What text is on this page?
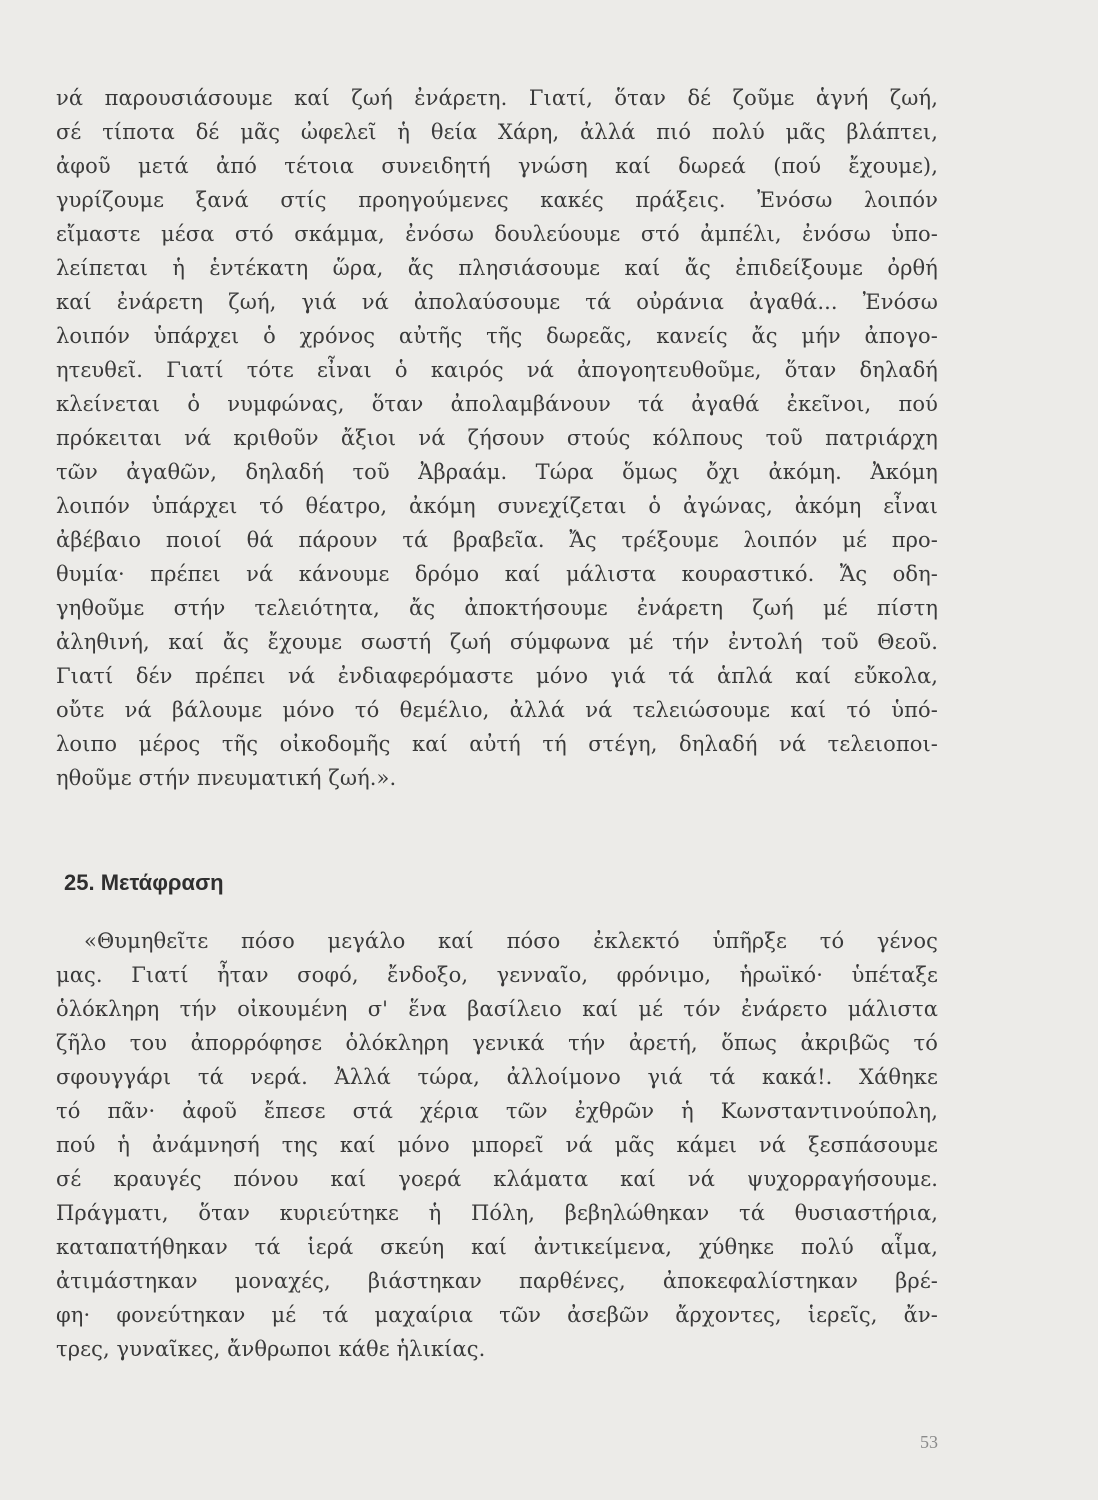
νά παρουσιάσουμε καί ζωή ἐνάρετη. Γιατί, ὅταν δέ ζοῦμε ἁγνή ζωή,
σέ τίποτα δέ μᾶς ὠφελεῖ ἡ θεία Χάρη, ἀλλά πιό πολύ μᾶς βλάπτει,
ἀφοῦ μετά ἀπό τέτοια συνειδητή γνώση καί δωρεά (πού ἔχουμε),
γυρίζουμε ξανά στίς προηγούμενες κακές πράξεις. Ἐνόσω λοιπόν
εἴμαστε μέσα στό σκάμμα, ἐνόσω δουλεύουμε στό ἀμπέλι, ἐνόσω ὑπο-
λείπεται ἡ ἑντέκατη ὥρα, ἄς πλησιάσουμε καί ἄς ἐπιδείξουμε ὀρθή
καί ἐνάρετη ζωή, γιά νά ἀπολαύσουμε τά οὐράνια ἀγαθά... Ἐνόσω
λοιπόν ὑπάρχει ὁ χρόνος αὐτῆς τῆς δωρεᾶς, κανείς ἄς μήν ἀπογο-
ητευθεῖ. Γιατί τότε εἶναι ὁ καιρός νά ἀπογοητευθοῦμε, ὅταν δηλαδή
κλείνεται ὁ νυμφώνας, ὅταν ἀπολαμβάνουν τά ἀγαθά ἐκεῖνοι, πού
πρόκειται νά κριθοῦν ἄξιοι νά ζήσουν στούς κόλπους τοῦ πατριάρχη
τῶν ἀγαθῶν, δηλαδή τοῦ Ἀβραάμ. Τώρα ὅμως ὄχι ἀκόμη. Ἀκόμη
λοιπόν ὑπάρχει τό θέατρο, ἀκόμη συνεχίζεται ὁ ἀγώνας, ἀκόμη εἶναι
ἀβέβαιο ποιοί θά πάρουν τά βραβεῖα. Ἄς τρέξουμε λοιπόν μέ προ-
θυμία· πρέπει νά κάνουμε δρόμο καί μάλιστα κουραστικό. Ἄς οδη-
γηθοῦμε στήν τελειότητα, ἄς ἀποκτήσουμε ἐνάρετη ζωή μέ πίστη
ἀληθινή, καί ἄς ἔχουμε σωστή ζωή σύμφωνα μέ τήν ἐντολή τοῦ Θεοῦ.
Γιατί δέν πρέπει νά ἐνδιαφερόμαστε μόνο γιά τά ἁπλά καί εὔκολα,
οὔτε νά βάλουμε μόνο τό θεμέλιο, ἀλλά νά τελειώσουμε καί τό ὑπό-
λοιπο μέρος τῆς οἰκοδομῆς καί αὐτή τή στέγη, δηλαδή νά τελειοποι-
ηθοῦμε στήν πνευματική ζωή.».
25. Μετάφραση
«Θυμηθεῖτε πόσο μεγάλο καί πόσο ἐκλεκτό ὑπῆρξε τό γένος
μας. Γιατί ἦταν σοφό, ἔνδοξο, γενναῖο, φρόνιμο, ἡρωϊκό· ὑπέταξε
ὁλόκληρη τήν οἰκουμένη σ' ἕνα βασίλειο καί μέ τόν ἐνάρετο μάλιστα
ζῆλο του ἀπορρόφησε ὁλόκληρη γενικά τήν ἀρετή, ὅπως ἀκριβῶς τό
σφουγγάρι τά νερά. Ἀλλά τώρα, ἀλλοίμονο γιά τά κακά!. Χάθηκε
τό πᾶν· ἀφοῦ ἔπεσε στά χέρια τῶν ἐχθρῶν ἡ Κωνσταντινούπολη,
πού ἡ ἀνάμνησή της καί μόνο μπορεῖ νά μᾶς κάμει νά ξεσπάσουμε
σέ κραυγές πόνου καί γοερά κλάματα καί νά ψυχορραγήσουμε.
Πράγματι, ὅταν κυριεύτηκε ἡ Πόλη, βεβηλώθηκαν τά θυσιαστήρια,
καταπατήθηκαν τά ἱερά σκεύη καί ἀντικείμενα, χύθηκε πολύ αἷμα,
ἀτιμάστηκαν μοναχές, βιάστηκαν παρθένες, ἀποκεφαλίστηκαν βρέ-
φη· φονεύτηκαν μέ τά μαχαίρια τῶν ἀσεβῶν ἄρχοντες, ἱερεῖς, ἄν-
τρες, γυναῖκες, ἄνθρωποι κάθε ἡλικίας.
53
